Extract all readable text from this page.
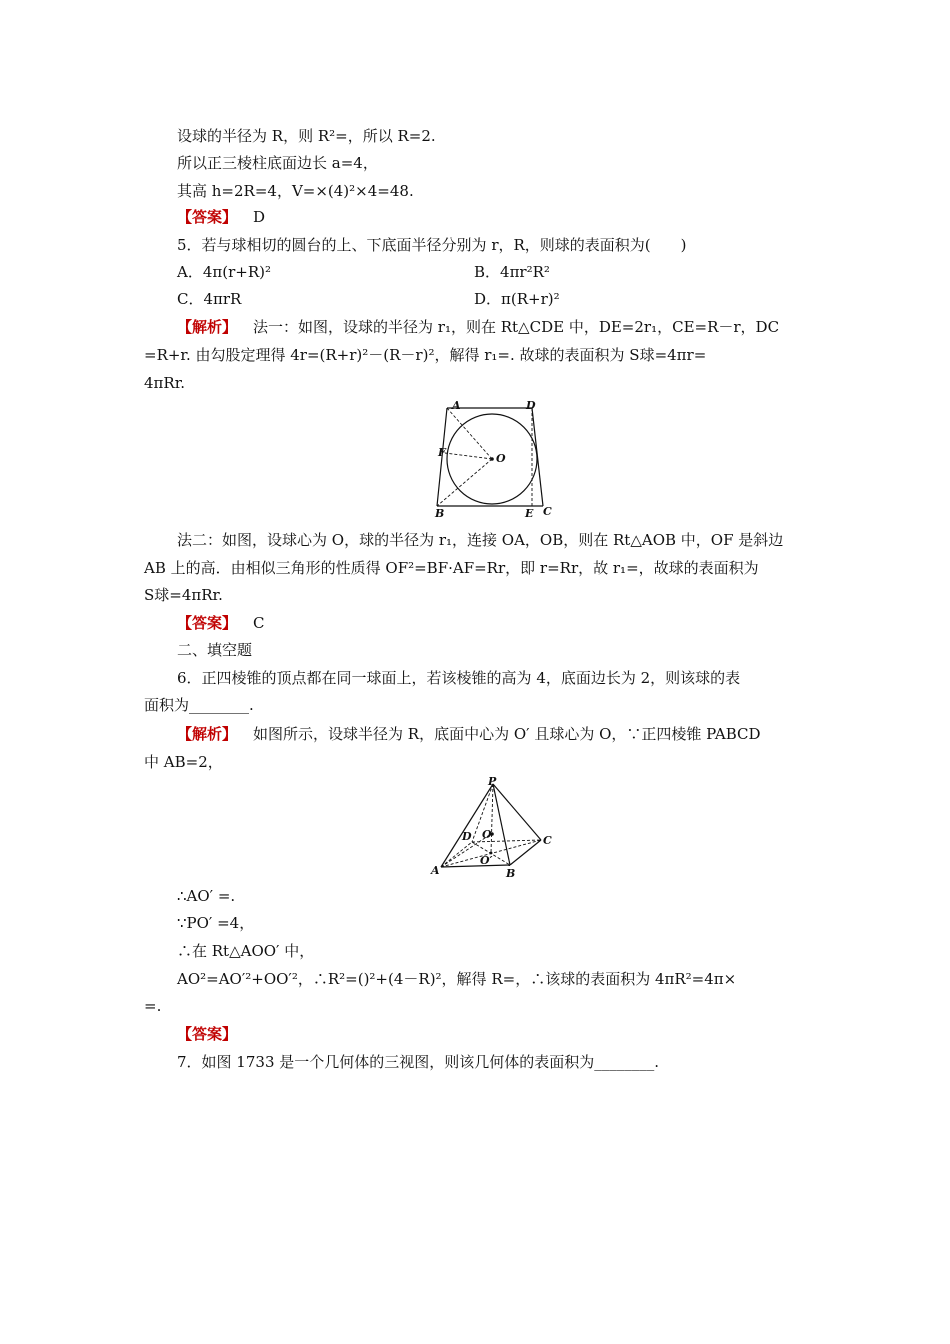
设球的半径为 R，则 R²=，所以 R=2.
所以正三棱柱底面边长 a=4，
其高 h=2R=4，V=×(4)²×4=48.
【答案】 D
5．若与球相切的圆台的上、下底面半径分别为 r，R，则球的表面积为(　　)
A．4π(r+R)²	B．4πr²R²
C．4πrR	D．π(R+r)²
【解析】 法一：如图，设球的半径为 r₁，则在 Rt△CDE 中，DE=2r₁，CE=R－r，DC
=R+r. 由勾股定理得 4r=(R+r)²－(R－r)²，解得 r₁=. 故球的表面积为 S球=4πr=
4πRr.
A	D
F	O
B	E C
法二：如图，设球心为 O，球的半径为 r₁，连接 OA，OB，则在 Rt△AOB 中，OF 是斜边
AB 上的高．由相似三角形的性质得 OF²=BF·AF=Rr，即 r=Rr，故 r₁=，故球的表面积为
S球=4πRr.
【答案】 C
二、填空题
6．正四棱锥的顶点都在同一球面上，若该棱锥的高为 4，底面边长为 2，则该球的表
面积为________.
【解析】 如图所示，设球半径为 R，底面中心为 O′ 且球心为 O，∵正四棱锥 PABCD
中 AB=2，
P
D O	C
O′
A	B
∴AO′ =.
∵PO′ =4，
∴在 Rt△AOO′ 中，
AO²=AO′²+OO′²，∴R²=()²+(4－R)²，解得 R=，∴该球的表面积为 4πR²=4π×
=.
【答案】
7．如图 1733 是一个几何体的三视图，则该几何体的表面积为________.
